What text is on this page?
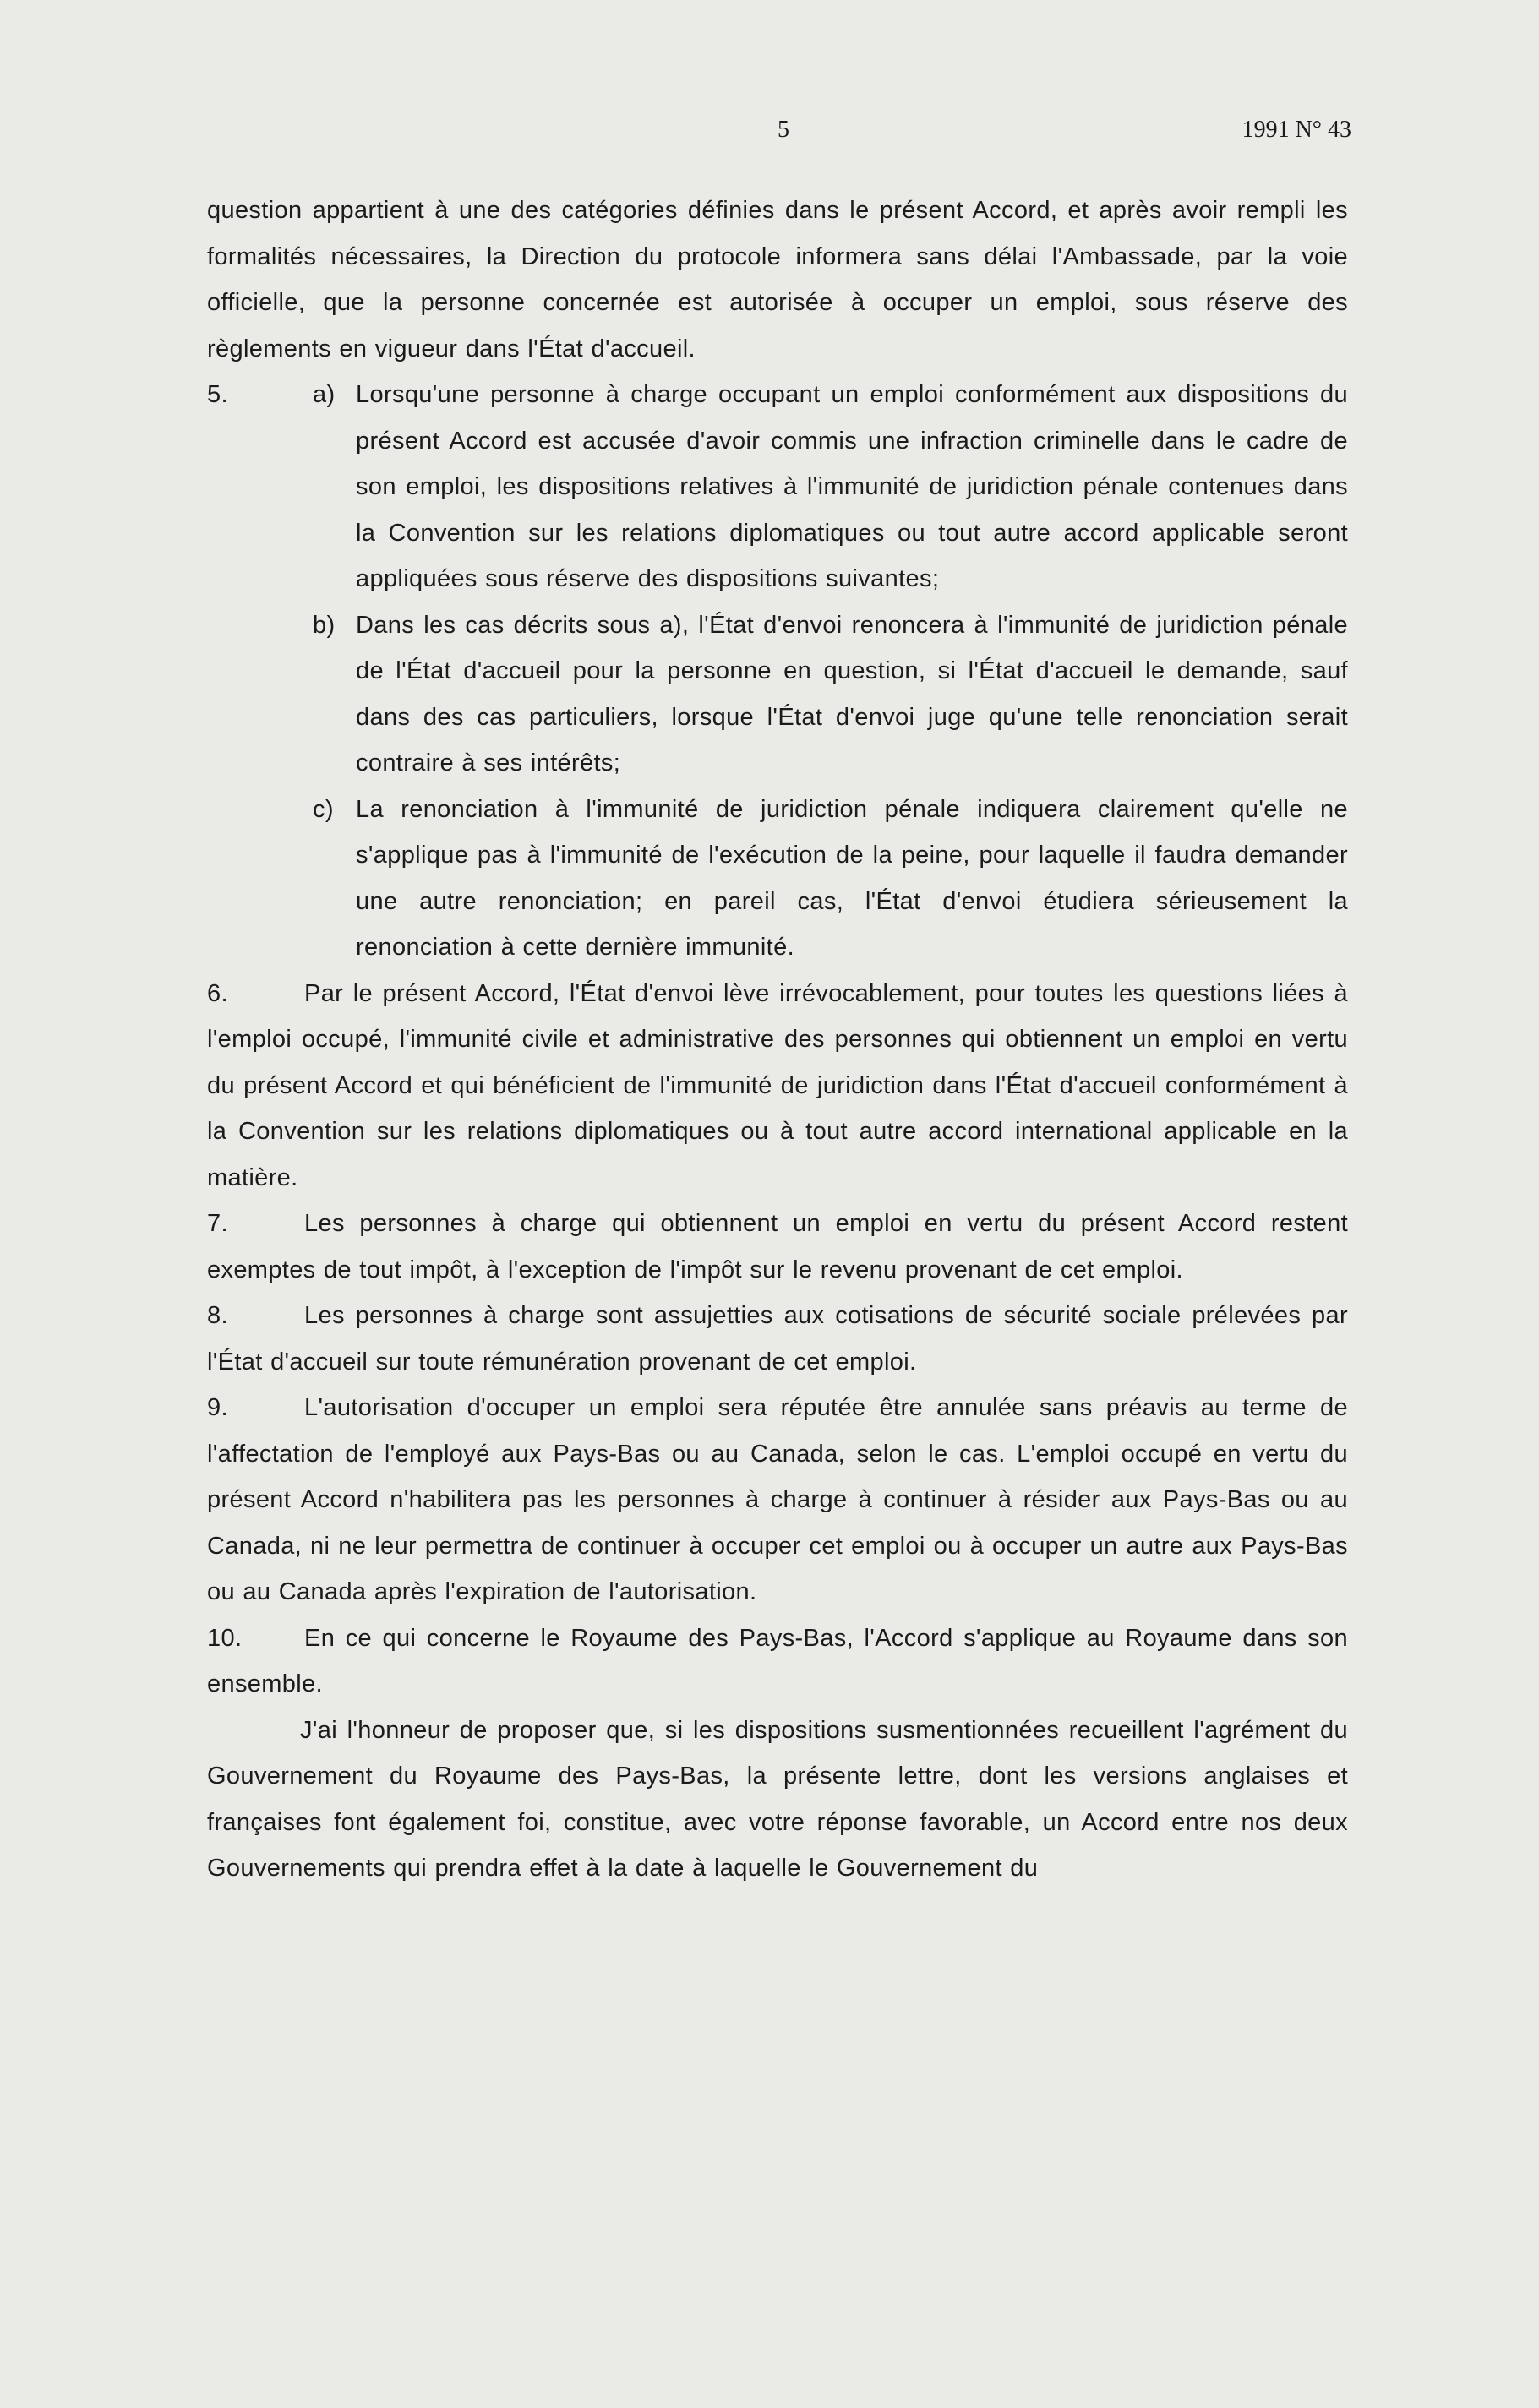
5	1991 N° 43

question appartient à une des catégories définies dans le présent Accord, et après avoir rempli les formalités nécessaires, la Direction du protocole informera sans délai l'Ambassade, par la voie officielle, que la personne concernée est autorisée à occuper un emploi, sous réserve des règlements en vigueur dans l'État d'accueil.

5.	a) Lorsqu'une personne à charge occupant un emploi conformément aux dispositions du présent Accord est accusée d'avoir commis une infraction criminelle dans le cadre de son emploi, les dispositions relatives à l'immunité de juridiction pénale contenues dans la Convention sur les relations diplomatiques ou tout autre accord applicable seront appliquées sous réserve des dispositions suivantes;

b) Dans les cas décrits sous a), l'État d'envoi renoncera à l'immunité de juridiction pénale de l'État d'accueil pour la personne en question, si l'État d'accueil le demande, sauf dans des cas particuliers, lorsque l'État d'envoi juge qu'une telle renonciation serait contraire à ses intérêts;

c) La renonciation à l'immunité de juridiction pénale indiquera clairement qu'elle ne s'applique pas à l'immunité de l'exécution de la peine, pour laquelle il faudra demander une autre renonciation; en pareil cas, l'État d'envoi étudiera sérieusement la renonciation à cette dernière immunité.

6.	Par le présent Accord, l'État d'envoi lève irrévocablement, pour toutes les questions liées à l'emploi occupé, l'immunité civile et administrative des personnes qui obtiennent un emploi en vertu du présent Accord et qui bénéficient de l'immunité de juridiction dans l'État d'accueil conformément à la Convention sur les relations diplomatiques ou à tout autre accord international applicable en la matière.

7.	Les personnes à charge qui obtiennent un emploi en vertu du présent Accord restent exemptes de tout impôt, à l'exception de l'impôt sur le revenu provenant de cet emploi.

8.	Les personnes à charge sont assujetties aux cotisations de sécurité sociale prélevées par l'État d'accueil sur toute rémunération provenant de cet emploi.

9.	L'autorisation d'occuper un emploi sera réputée être annulée sans préavis au terme de l'affectation de l'employé aux Pays-Bas ou au Canada, selon le cas. L'emploi occupé en vertu du présent Accord n'habilitera pas les personnes à charge à continuer à résider aux Pays-Bas ou au Canada, ni ne leur permettra de continuer à occuper cet emploi ou à occuper un autre aux Pays-Bas ou au Canada après l'expiration de l'autorisation.

10.	En ce qui concerne le Royaume des Pays-Bas, l'Accord s'applique au Royaume dans son ensemble.

J'ai l'honneur de proposer que, si les dispositions susmentionnées recueillent l'agrément du Gouvernement du Royaume des Pays-Bas, la présente lettre, dont les versions anglaises et françaises font également foi, constitue, avec votre réponse favorable, un Accord entre nos deux Gouvernements qui prendra effet à la date à laquelle le Gouvernement du
